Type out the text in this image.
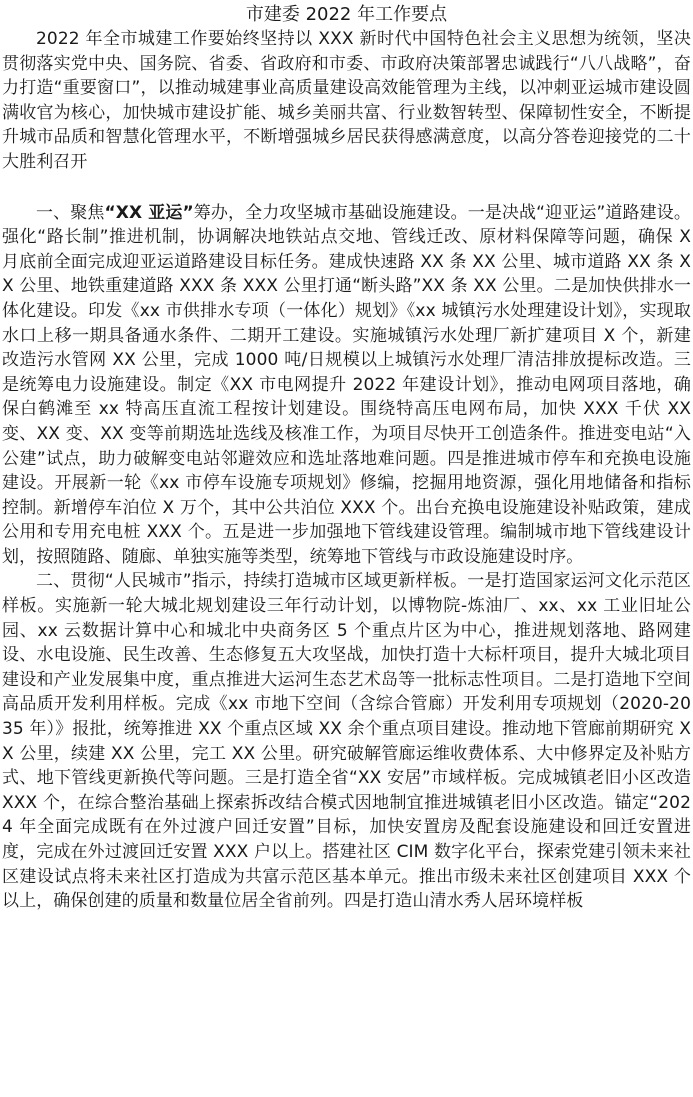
市建委 2022 年工作要点

2022 年全市城建工作要始终坚持以 XXX 新时代中国特色社会主义思想为统领，坚决贯彻落实党中央、国务院、省委、省政府和市委、市政府决策部署忠诚践行“八八战略”，奋力打造“重要窗口”，以推动城建事业高质量建设高效能管理为主线，以冲刺亚运城市建设圆满收官为核心，加快城市建设扩能、城乡美丽共富、行业数智转型、保障韧性安全，不断提升城市品质和智慧化管理水平，不断增强城乡居民获得感满意度，以高分答卷迎接党的二十大胜利召开

一、聚焦“XX 亚运”筹办，全力攻坚城市基础设施建设。一是决战“迎亚运”道路建设。强化“路长制”推进机制，协调解决地铁站点交地、管线迁改、原材料保障等问题，确保 X 月底前全面完成迎亚运道路建设目标任务。建成快速路 XX 条 XX 公里、城市道路 XX 条 XX 公里、地铁重建道路 XXX 条 XXX 公里打通“断头路”XX 条 XX 公里。二是加快供排水一体化建设。印发《xx 市供排水专项（一体化）规划》《xx 城镇污水处理建设计划》，实现取水口上移一期具备通水条件、二期开工建设。实施城镇污水处理厂新扩建项目 X 个，新建改造污水管网 XX 公里，完成 1000 吨/日规模以上城镇污水处理厂清洁排放提标改造。三是统筹电力设施建设。制定《XX 市电网提升 2022 年建设计划》，推动电网项目落地，确保白鹤滩至 xx 特高压直流工程按计划建设。围绕特高压电网布局，加快 XXX 千伏 XX 变、XX 变、XX 变等前期选址选线及核准工作，为项目尽快开工创造条件。推进变电站“入公建”试点，助力破解变电站邻避效应和选址落地难问题。四是推进城市停车和充换电设施建设。开展新一轮《xx 市停车设施专项规划》修编，挖掘用地资源，强化用地储备和指标控制。新增停车泊位 X 万个，其中公共泊位 XXX 个。出台充换电设施建设补贴政策，建成公用和专用充电桩 XXX 个。五是进一步加强地下管线建设管理。编制城市地下管线建设计划，按照随路、随廊、单独实施等类型，统筹地下管线与市政设施建设时序。

二、贯彻“人民城市”指示，持续打造城市区域更新样板。一是打造国家运河文化示范区样板。实施新一轮大城北规划建设三年行动计划，以博物院-炼油厂、xx、xx 工业旧址公园、xx 云数据计算中心和城北中央商务区 5 个重点片区为中心，推进规划落地、路网建设、水电设施、民生改善、生态修复五大攻坚战，加快打造十大标杆项目，提升大城北项目建设和产业发展集中度，重点推进大运河生态艺术岛等一批标志性项目。二是打造地下空间高品质开发利用样板。完成《xx 市地下空间（含综合管廊）开发利用专项规划（2020-2035 年）》报批，统筹推进 XX 个重点区域 XX 余个重点项目建设。推动地下管廊前期研究 XX 公里，续建 XX 公里，完工 XX 公里。研究破解管廊运维收费体系、大中修界定及补贴方式、地下管线更新换代等问题。三是打造全省“XX 安居”市域样板。完成城镇老旧小区改造 XXX 个，在综合整治基础上探索拆改结合模式因地制宜推进城镇老旧小区改造。锚定“2024 年全面完成既有在外过渡户回迁安置”目标，加快安置房及配套设施建设和回迁安置进度，完成在外过渡回迁安置 XXX 户以上。搭建社区 CIM 数字化平台，探索党建引领未来社区建设试点将未来社区打造成为共富示范区基本单元。推出市级未来社区创建项目 XXX 个以上，确保创建的质量和数量位居全省前列。四是打造山清水秀人居环境样板
